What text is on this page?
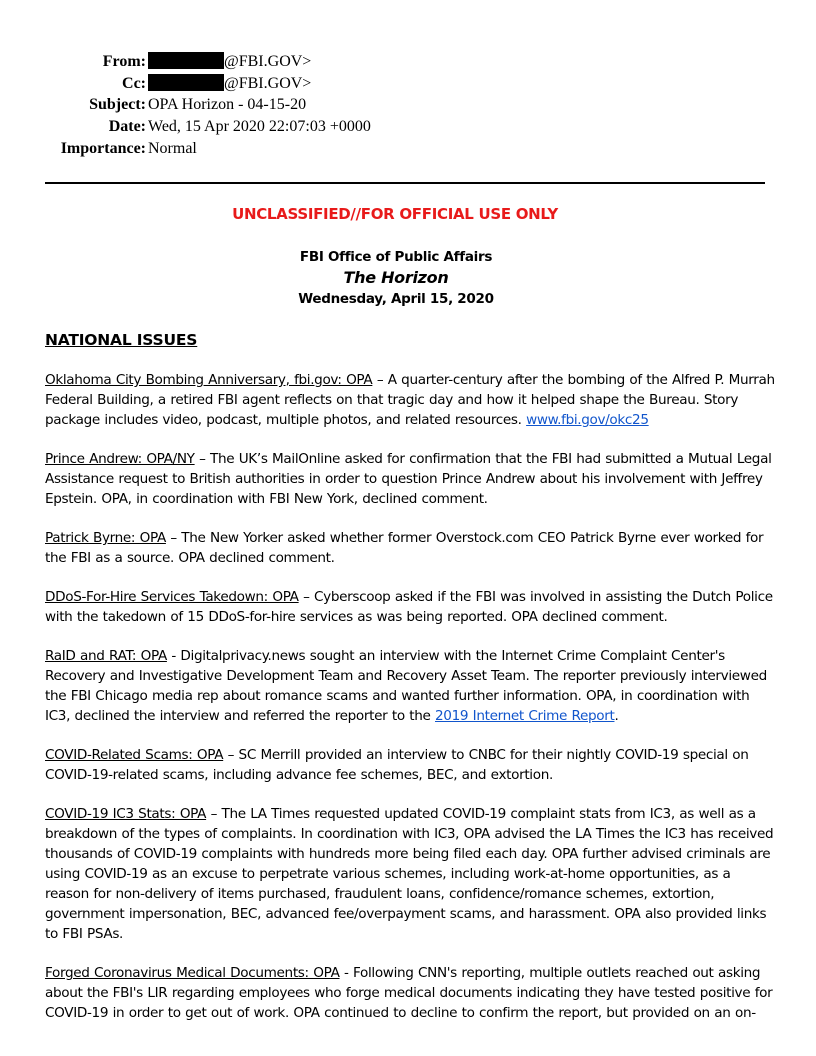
From:	@FBI.GOV>
Cc:	@FBI.GOV>
Subject: OPA Horizon - 04-15-20
Date: Wed, 15 Apr 2020 22:07:03 +0000
Importance: Normal
UNCLASSIFIED//FOR OFFICIAL USE ONLY
FBI Office of Public Affairs
The Horizon
Wednesday, April 15, 2020
NATIONAL ISSUES

Oklahoma City Bombing Anniversary, fbi.gov: OPA – A quarter-century after the bombing of the Alfred P. Murrah Federal Building, a retired FBI agent reflects on that tragic day and how it helped shape the Bureau. Story package includes video, podcast, multiple photos, and related resources. www.fbi.gov/okc25

Prince Andrew: OPA/NY – The UK’s MailOnline asked for confirmation that the FBI had submitted a Mutual Legal Assistance request to British authorities in order to question Prince Andrew about his involvement with Jeffrey Epstein. OPA, in coordination with FBI New York, declined comment.

Patrick Byrne: OPA – The New Yorker asked whether former Overstock.com CEO Patrick Byrne ever worked for the FBI as a source. OPA declined comment.

DDoS-For-Hire Services Takedown: OPA – Cyberscoop asked if the FBI was involved in assisting the Dutch Police with the takedown of 15 DDoS-for-hire services as was being reported. OPA declined comment.

RaID and RAT: OPA - Digitalprivacy.news sought an interview with the Internet Crime Complaint Center's Recovery and Investigative Development Team and Recovery Asset Team. The reporter previously interviewed the FBI Chicago media rep about romance scams and wanted further information. OPA, in coordination with IC3, declined the interview and referred the reporter to the 2019 Internet Crime Report.

COVID-Related Scams: OPA – SC Merrill provided an interview to CNBC for their nightly COVID-19 special on COVID-19-related scams, including advance fee schemes, BEC, and extortion.

COVID-19 IC3 Stats: OPA – The LA Times requested updated COVID-19 complaint stats from IC3, as well as a breakdown of the types of complaints. In coordination with IC3, OPA advised the LA Times the IC3 has received thousands of COVID-19 complaints with hundreds more being filed each day. OPA further advised criminals are using COVID-19 as an excuse to perpetrate various schemes, including work-at-home opportunities, as a reason for non-delivery of items purchased, fraudulent loans, confidence/romance schemes, extortion, government impersonation, BEC, advanced fee/overpayment scams, and harassment. OPA also provided links to FBI PSAs.

Forged Coronavirus Medical Documents: OPA - Following CNN's reporting, multiple outlets reached out asking about the FBI's LIR regarding employees who forge medical documents indicating they have tested positive for COVID-19 in order to get out of work. OPA continued to decline to confirm the report, but provided on an on-
